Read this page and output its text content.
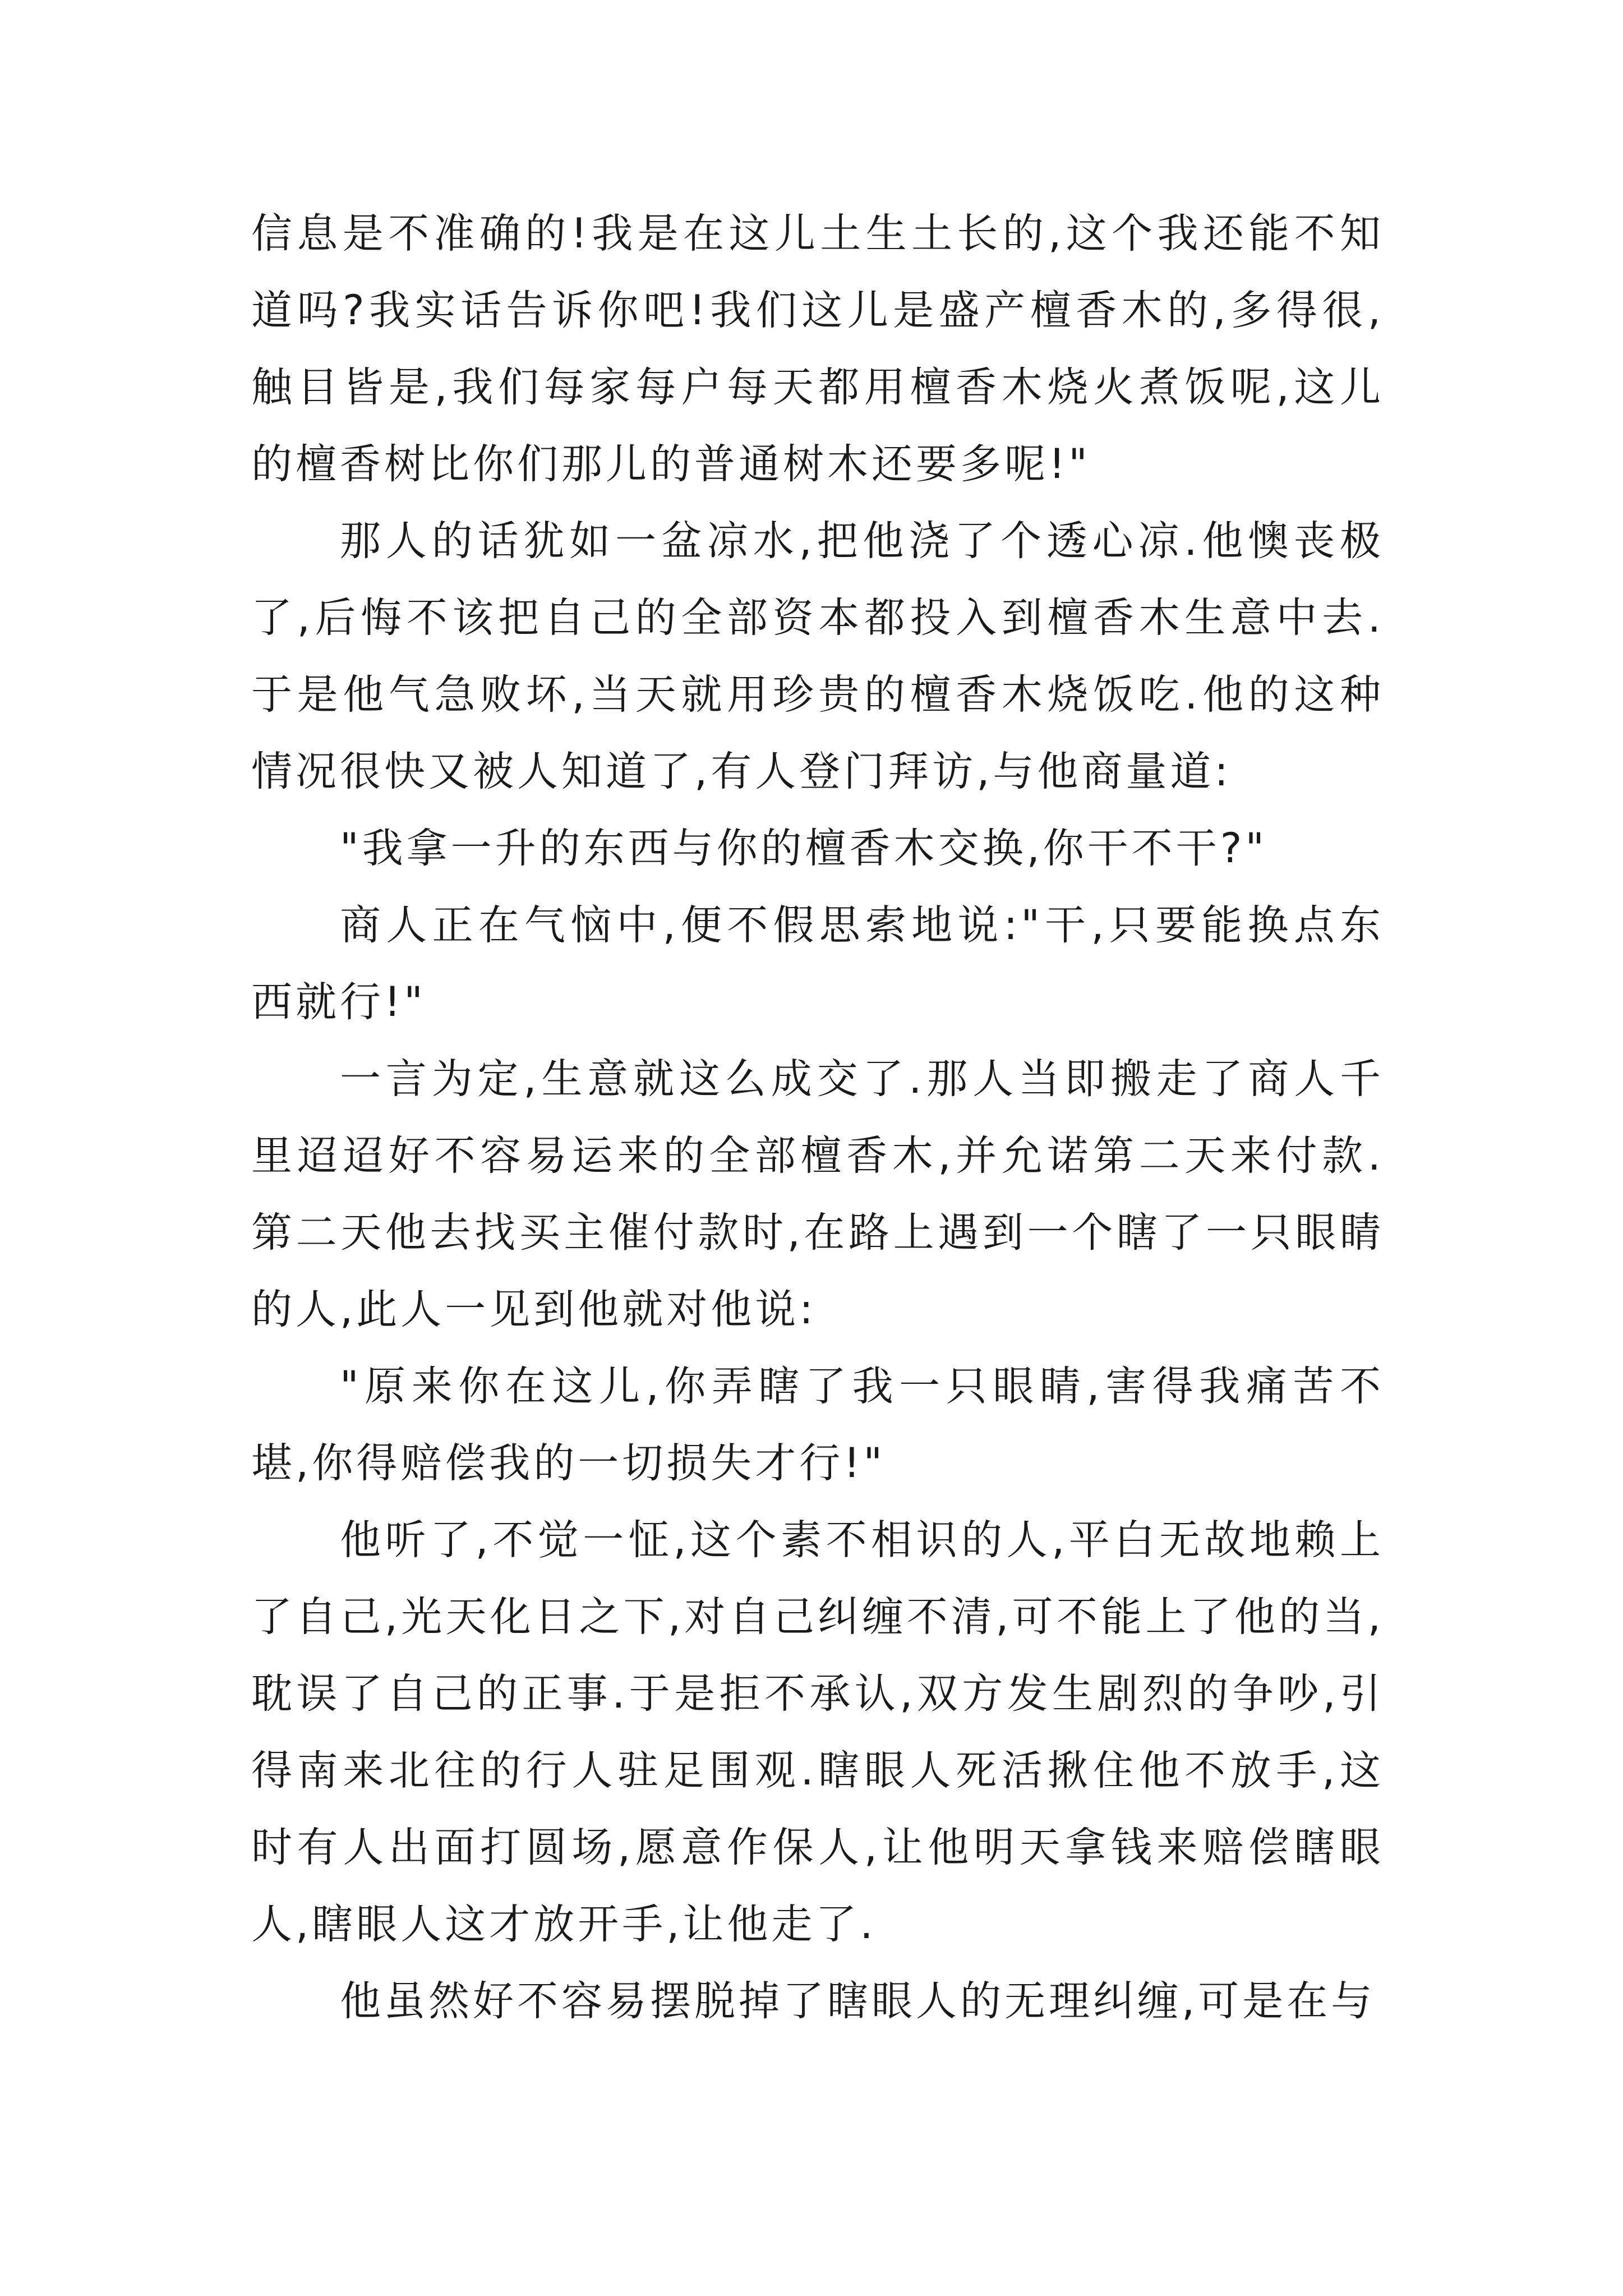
信息是不准确的!我是在这儿土生土长的,这个我还能不知道吗?我实话告诉你吧!我们这儿是盛产檀香木的,多得很,触目皆是,我们每家每户每天都用檀香木烧火煮饭呢,这儿的檀香树比你们那儿的普通树木还要多呢!"

那人的话犹如一盆凉水,把他浇了个透心凉.他懊丧极了,后悔不该把自己的全部资本都投入到檀香木生意中去.于是他气急败坏,当天就用珍贵的檀香木烧饭吃.他的这种情况很快又被人知道了,有人登门拜访,与他商量道:

"我拿一升的东西与你的檀香木交换,你干不干?"

商人正在气恼中,便不假思索地说:"干,只要能换点东西就行!"

一言为定,生意就这么成交了.那人当即搬走了商人千里迢迢好不容易运来的全部檀香木,并允诺第二天来付款.第二天他去找买主催付款时,在路上遇到一个瞎了一只眼睛的人,此人一见到他就对他说:

"原来你在这儿,你弄瞎了我一只眼睛,害得我痛苦不堪,你得赔偿我的一切损失才行!"

他听了,不觉一怔,这个素不相识的人,平白无故地赖上了自己,光天化日之下,对自己纠缠不清,可不能上了他的当,耽误了自己的正事.于是拒不承认,双方发生剧烈的争吵,引得南来北往的行人驻足围观.瞎眼人死活揪住他不放手,这时有人出面打圆场,愿意作保人,让他明天拿钱来赔偿瞎眼人,瞎眼人这才放开手,让他走了.

他虽然好不容易摆脱掉了瞎眼人的无理纠缠,可是在与
